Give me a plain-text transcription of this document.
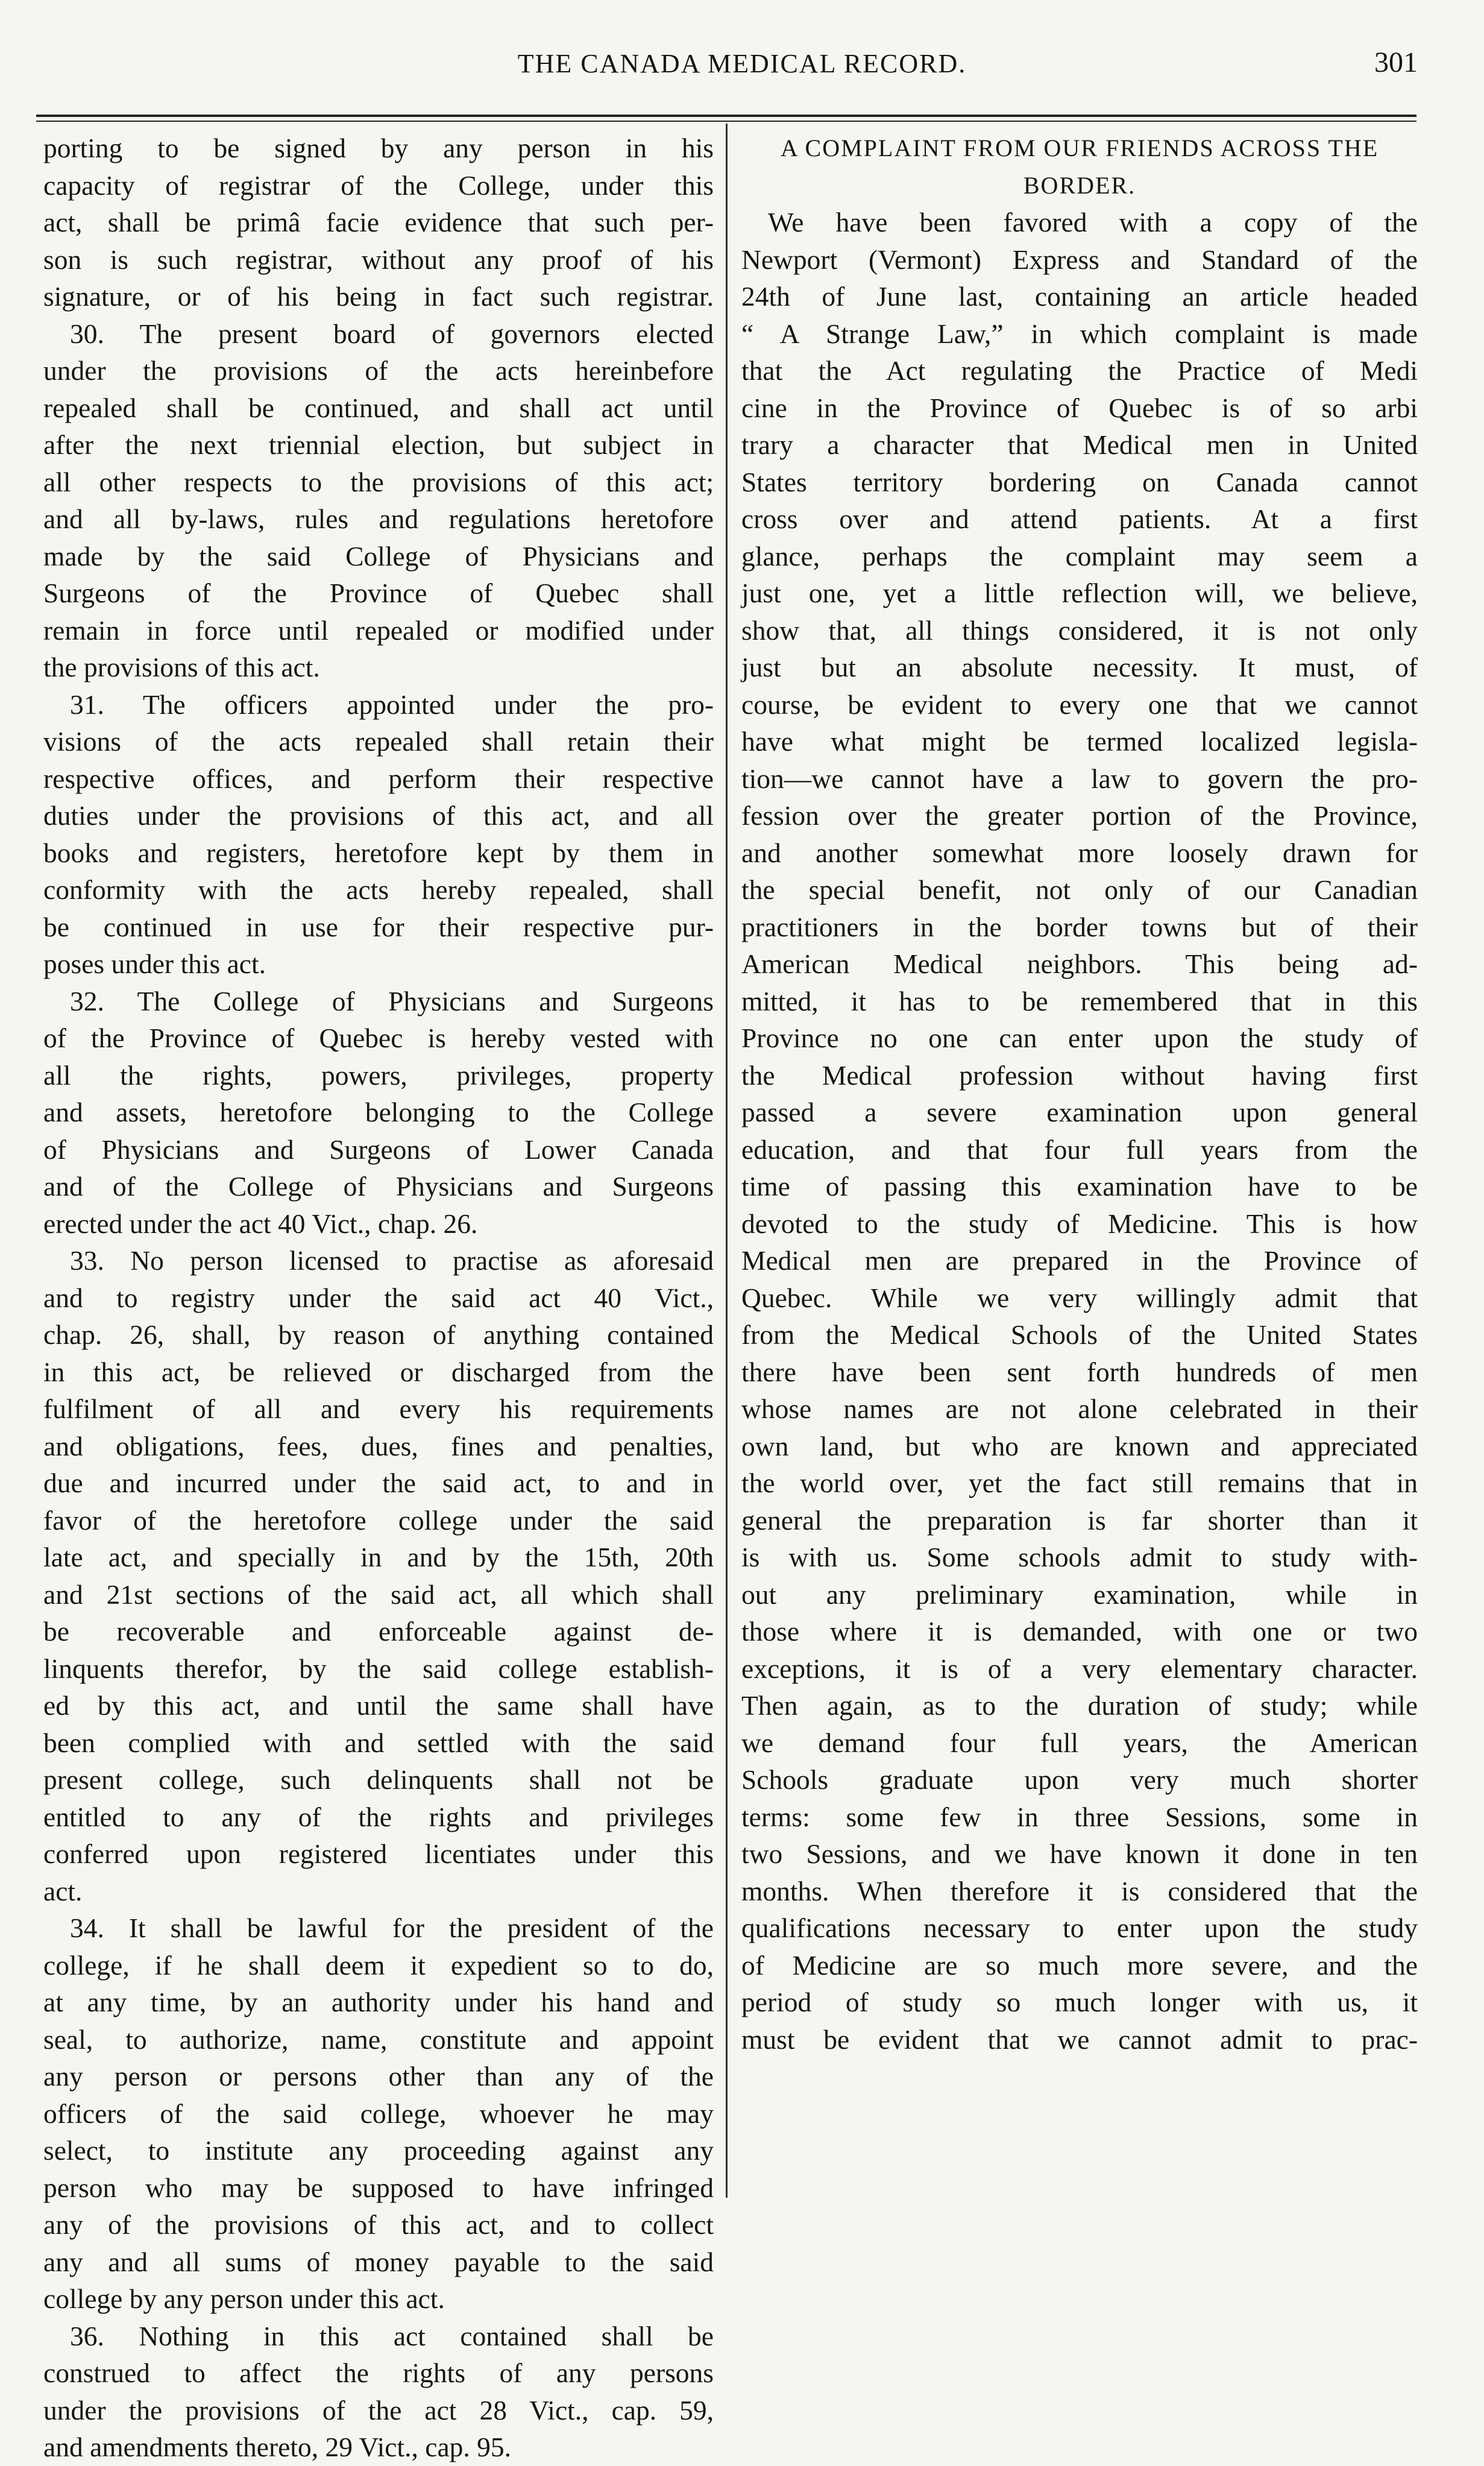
THE CANADA MEDICAL RECORD.	301
porting to be signed by any person in his
capacity of registrar of the College, under this
act, shall be primâ facie evidence that such per-
son is such registrar, without any proof of his
signature, or of his being in fact such registrar.
30. The present board of governors elected
under the provisions of the acts hereinbefore
repealed shall be continued, and shall act until
after the next triennial election, but subject in
all other respects to the provisions of this act;
and all by-laws, rules and regulations heretofore
made by the said College of Physicians and
Surgeons of the Province of Quebec shall
remain in force until repealed or modified under
the provisions of this act.
31. The officers appointed under the pro-
visions of the acts repealed shall retain their
respective offices, and perform their respective
duties under the provisions of this act, and all
books and registers, heretofore kept by them in
conformity with the acts hereby repealed, shall
be continued in use for their respective pur-
poses under this act.
32. The College of Physicians and Surgeons
of the Province of Quebec is hereby vested with
all the rights, powers, privileges, property
and assets, heretofore belonging to the College
of Physicians and Surgeons of Lower Canada
and of the College of Physicians and Surgeons
erected under the act 40 Vict., chap. 26.
33. No person licensed to practise as aforesaid
and to registry under the said act 40 Vict.,
chap. 26, shall, by reason of anything contained
in this act, be relieved or discharged from the
fulfilment of all and every his requirements
and obligations, fees, dues, fines and penalties,
due and incurred under the said act, to and in
favor of the heretofore college under the said
late act, and specially in and by the 15th, 20th
and 21st sections of the said act, all which shall
be recoverable and enforceable against de-
linquents therefor, by the said college establish-
ed by this act, and until the same shall have
been complied with and settled with the said
present college, such delinquents shall not be
entitled to any of the rights and privileges
conferred upon registered licentiates under this
act.
34. It shall be lawful for the president of the
college, if he shall deem it expedient so to do,
at any time, by an authority under his hand and
seal, to authorize, name, constitute and appoint
any person or persons other than any of the
officers of the said college, whoever he may
select, to institute any proceeding against any
person who may be supposed to have infringed
any of the provisions of this act, and to collect
any and all sums of money payable to the said
college by any person under this act.
36. Nothing in this act contained shall be
construed to affect the rights of any persons
under the provisions of the act 28 Vict., cap. 59,
and amendments thereto, 29 Vict., cap. 95.
A COMPLAINT FROM OUR FRIENDS ACROSS THE
BORDER.
We have been favored with a copy of the
Newport (Vermont) Express and Standard of the
24th of June last, containing an article headed
“ A Strange Law,” in which complaint is made
that the Act regulating the Practice of Medi
cine in the Province of Quebec is of so arbi
trary a character that Medical men in United
States territory bordering on Canada cannot
cross over and attend patients. At a first
glance, perhaps the complaint may seem a
just one, yet a little reflection will, we believe,
show that, all things considered, it is not only
just but an absolute necessity. It must, of
course, be evident to every one that we cannot
have what might be termed localized legisla-
tion—we cannot have a law to govern the pro-
fession over the greater portion of the Province,
and another somewhat more loosely drawn for
the special benefit, not only of our Canadian
practitioners in the border towns but of their
American Medical neighbors. This being ad-
mitted, it has to be remembered that in this
Province no one can enter upon the study of
the Medical profession without having first
passed a severe examination upon general
education, and that four full years from the
time of passing this examination have to be
devoted to the study of Medicine. This is how
Medical men are prepared in the Province of
Quebec. While we very willingly admit that
from the Medical Schools of the United States
there have been sent forth hundreds of men
whose names are not alone celebrated in their
own land, but who are known and appreciated
the world over, yet the fact still remains that in
general the preparation is far shorter than it
is with us. Some schools admit to study with-
out any preliminary examination, while in
those where it is demanded, with one or two
exceptions, it is of a very elementary character.
Then again, as to the duration of study; while
we demand four full years, the American
Schools graduate upon very much shorter
terms: some few in three Sessions, some in
two Sessions, and we have known it done in ten
months. When therefore it is considered that the
qualifications necessary to enter upon the study
of Medicine are so much more severe, and the
period of study so much longer with us, it
must be evident that we cannot admit to prac-
